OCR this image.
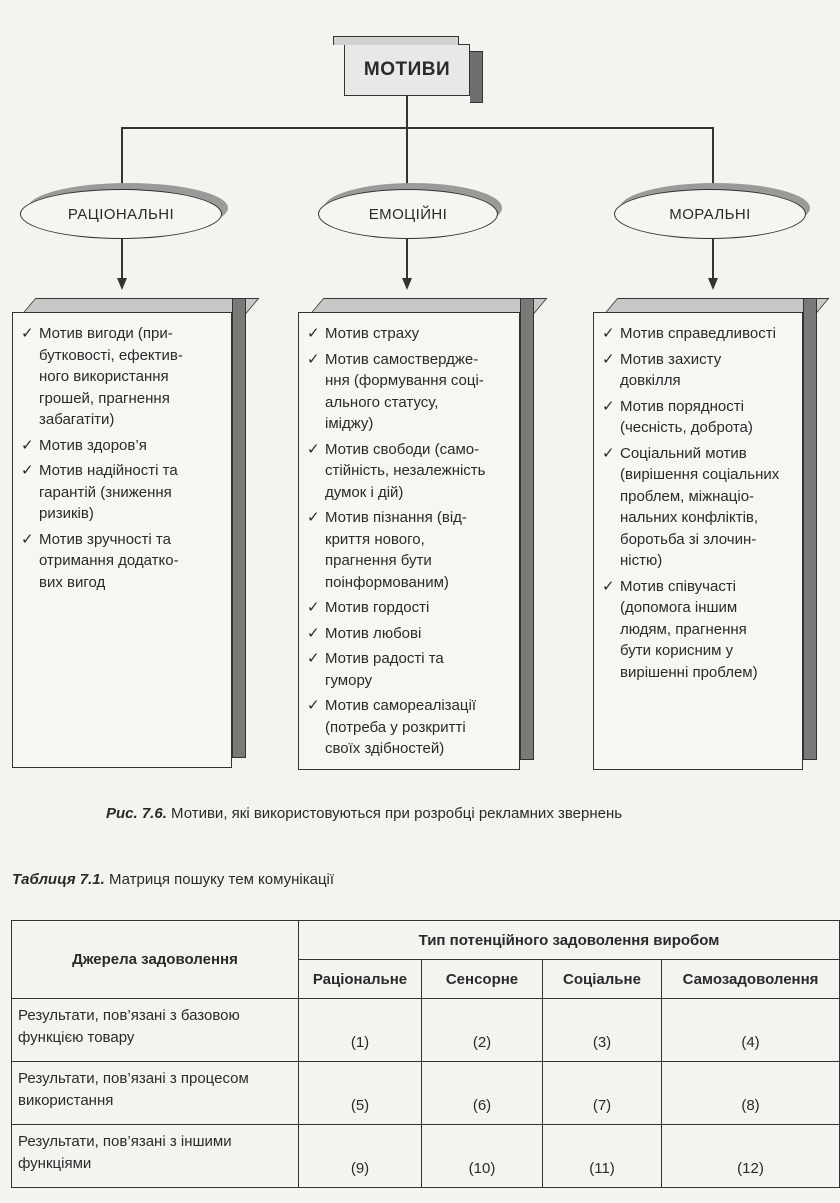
МОТИВИ
РАЦІОНАЛЬНІ	ЕМОЦІЙНІ	МОРАЛЬНІ
✓ Мотив вигоди (при-
бутковості, ефектив-
ного використання
грошей, прагнення
забагатіти)
✓ Мотив здоров’я
✓ Мотив надійності та
гарантій (зниження
ризиків)
✓ Мотив зручності та
отримання додатко-
вих вигод
✓ Мотив страху
✓ Мотив самоствердже-
ння (формування соці-
ального статусу,
іміджу)
✓ Мотив свободи (само-
стійність, незалежність
думок і дій)
✓ Мотив пізнання (від-
криття нового,
прагнення бути
поінформованим)
✓ Мотив гордості
✓ Мотив любові
✓ Мотив радості та
гумору
✓ Мотив самореалізації
(потреба у розкритті
своїх здібностей)
✓ Мотив справедливості
✓ Мотив захисту
довкілля
✓ Мотив порядності
(чесність, доброта)
✓ Соціальний мотив
(вирішення соціальних
проблем, міжнаціо-
нальних конфліктів,
боротьба зі злочин-
ністю)
✓ Мотив співучасті
(допомога іншим
людям, прагнення
бути корисним у
вирішенні проблем)
Рис. 7.6. Мотиви, які використовуються при розробці рекламних звернень
Таблиця 7.1. Матриця пошуку тем комунікації
Джерела задоволення	Тип потенційного задоволення виробом			
	Раціональне	Сенсорне	Соціальне	Самозадоволення
Результати, пов’язані з базовою
функцією товару	(1)	(2)	(3)	(4)
Результати, пов’язані з процесом
використання	(5)	(6)	(7)	(8)
Результати, пов’язані з іншими
функціями	(9)	(10)	(11)	(12)
